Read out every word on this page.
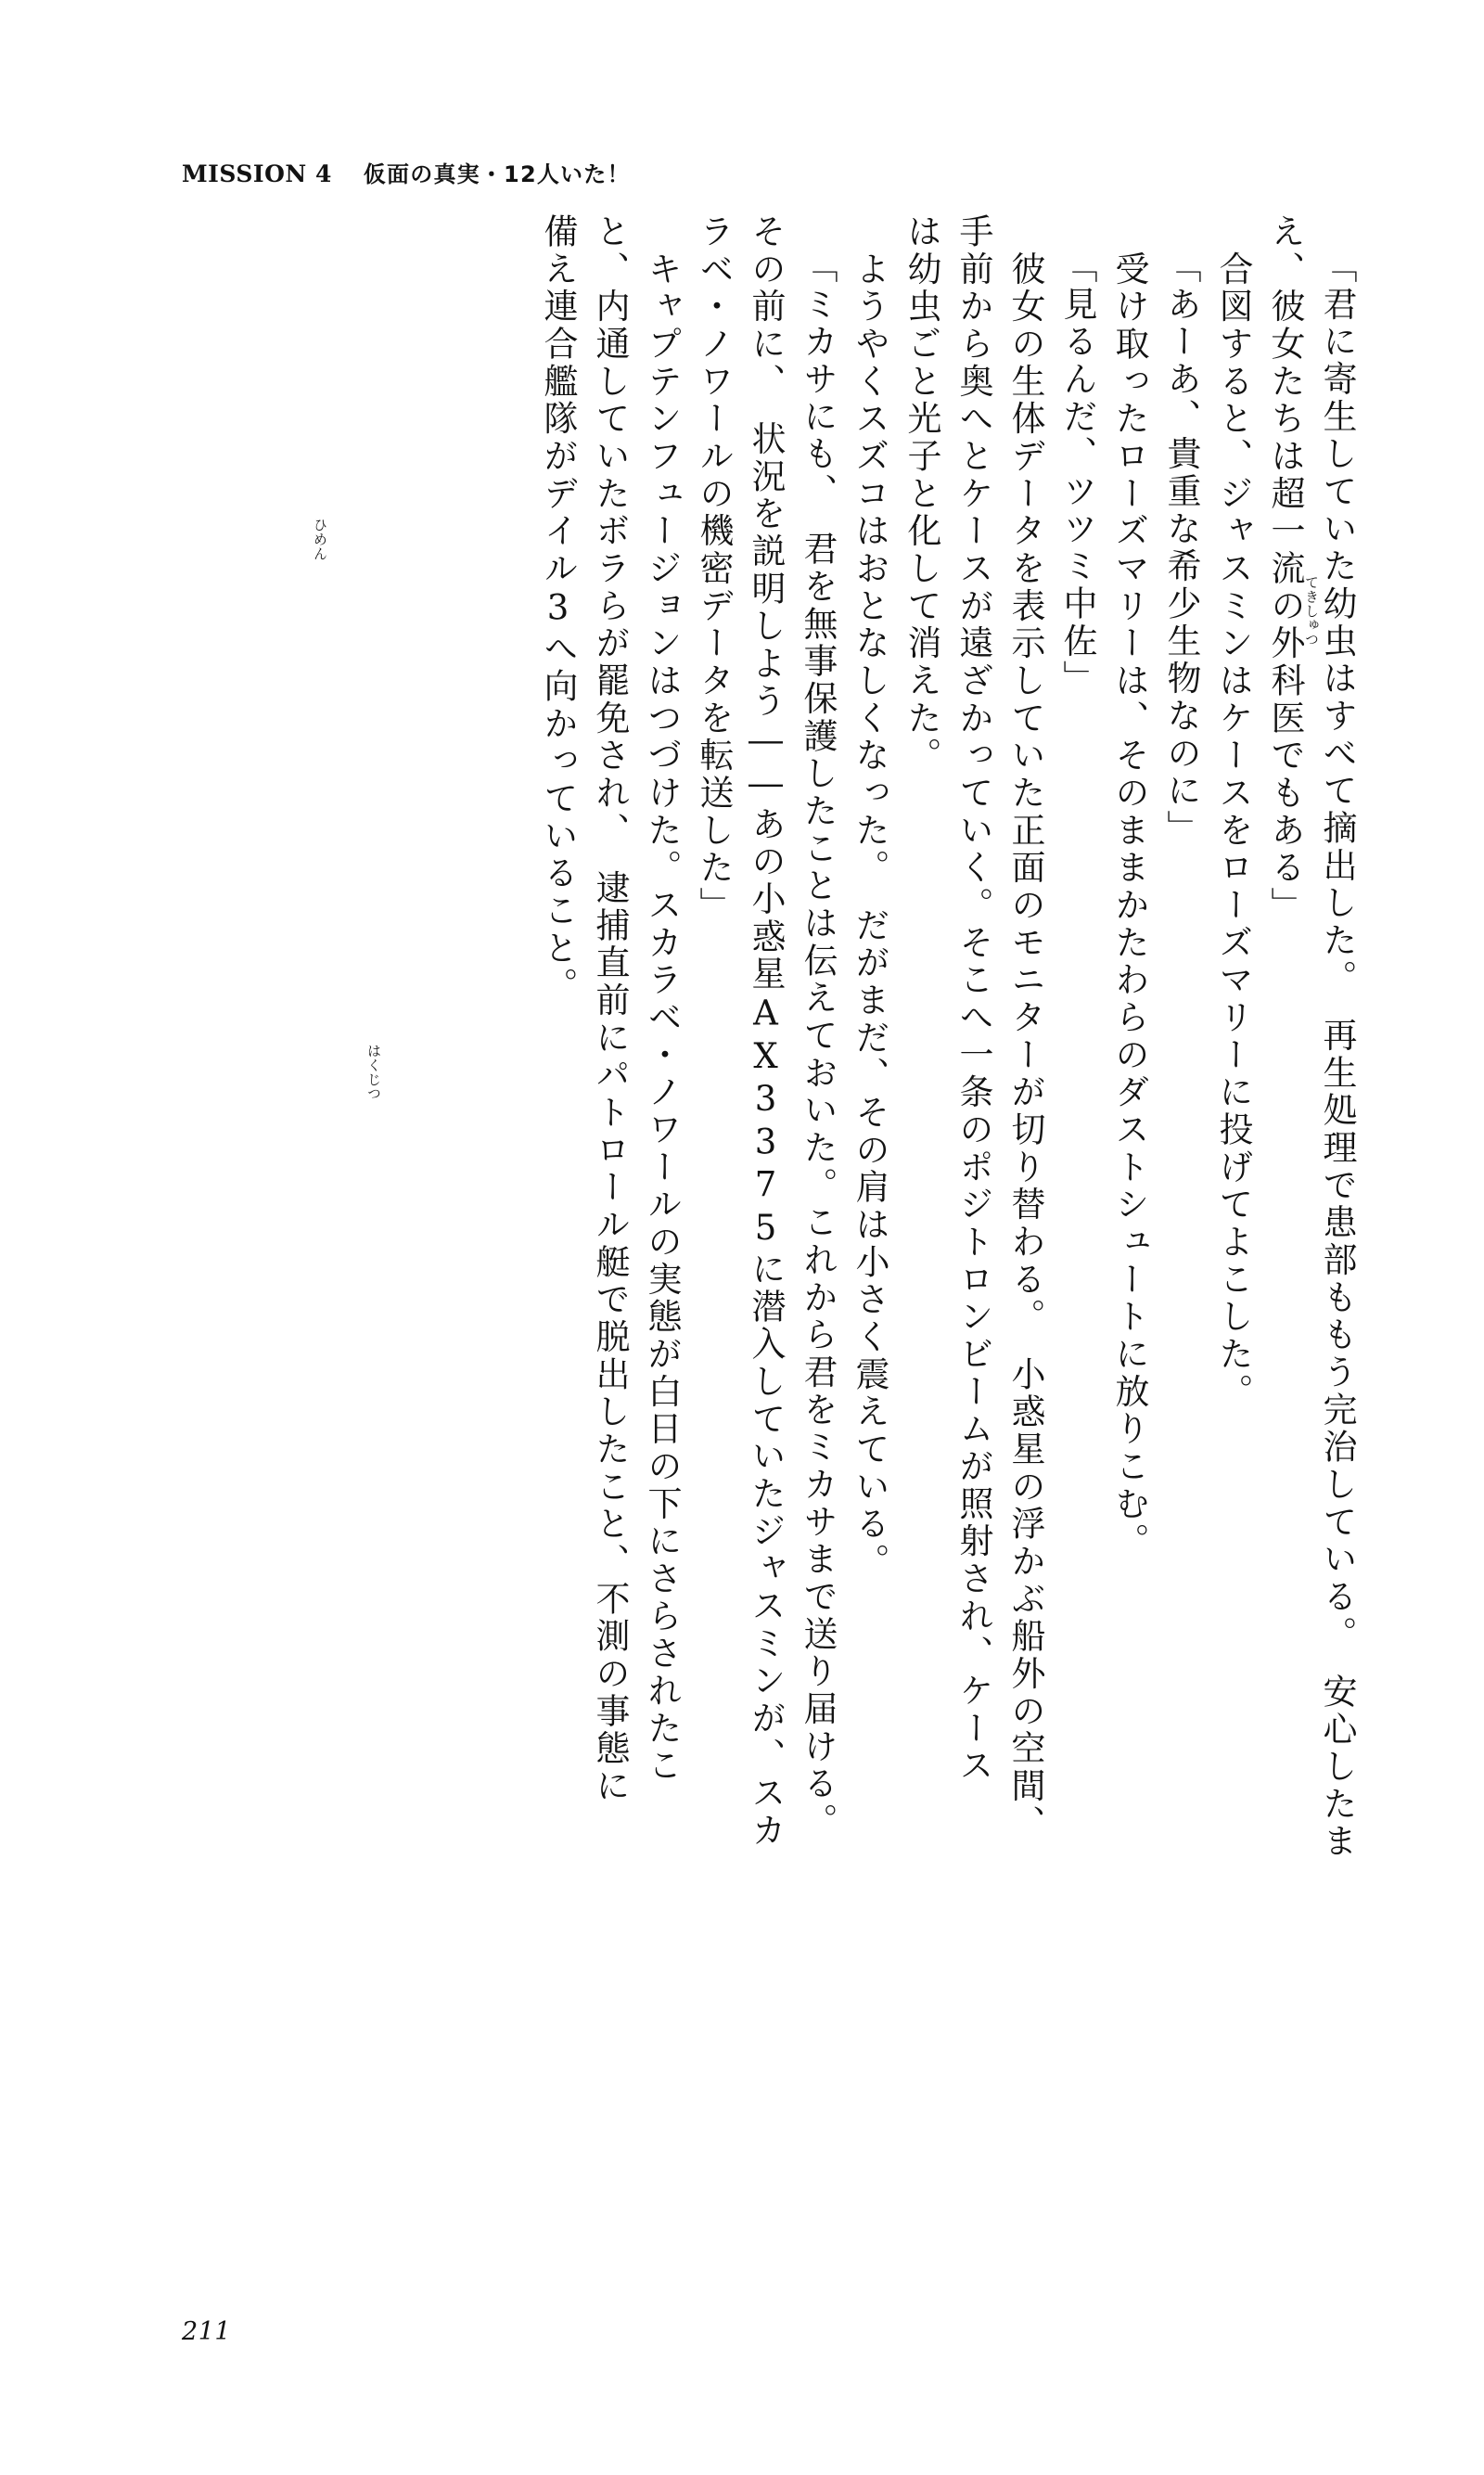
MISSION 4 仮面の真実・12人いた！
「君に寄生していた幼虫はすべて摘出した。　再生処理で患部ももう完治している。　安心したま
え、彼女たちは超一流の外科医でもある」
　合図すると、ジャスミンはケースをローズマリーに投げてよこした。
「あーあ、貴重な希少生物なのに」
　受け取ったローズマリーは、そのままかたわらのダストシュートに放りこむ。
「見るんだ、ツツミ中佐」
　彼女の生体データを表示していた正面のモニターが切り替わる。　小惑星の浮かぶ船外の空間、
手前から奥へとケースが遠ざかっていく。そこへ一条のポジトロンビームが照射され、ケース
は幼虫ごと光子と化して消えた。
　ようやくスズコはおとなしくなった。　だがまだ、その肩は小さく震えている。
「ミカサにも、　君を無事保護したことは伝えておいた。これから君をミカサまで送り届ける。
その前に、　状況を説明しよう――あの小惑星AX3375に潜入していたジャスミンが、スカ
ラベ・ノワールの機密データを転送した」
　キャプテンフュージョンはつづけた。スカラベ・ノワールの実態が白日の下にさらされたこ
と、内通していたボラらが罷免され、　逮捕直前にパトロール艇で脱出したこと、不測の事態に
備え連合艦隊がデイル3へ向かっていること。	てきしゅつ
ひめん
はくじつ
211
